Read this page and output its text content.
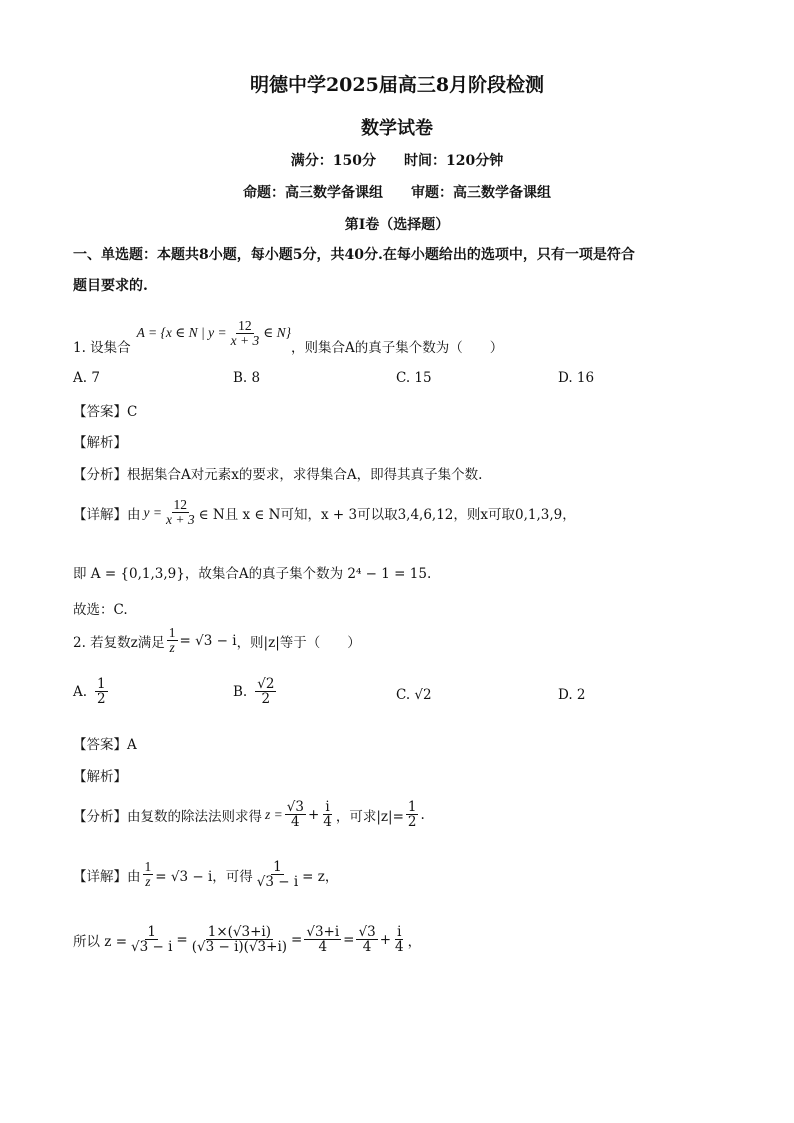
明德中学2025届高三8月阶段检测
数学试卷
满分：150分　　时间：120分钟
命题：高三数学备课组　　审题：高三数学备课组
第Ⅰ卷（选择题）
一、单选题：本题共8小题，每小题5分，共40分.在每小题给出的选项中，只有一项是符合
题目要求的.
1. 设集合
A = {x ∈ N | $y = \frac{12}{x + 3}$ ∈ N}
，则集合A的真子集个数为（　　）
A. 7	B. 8	C. 15	D. 16
【答案】C
【解析】
【分析】根据集合A对元素x的要求，求得集合A，即得其真子集个数.
【详解】由 $y = \frac{12}{x + 3}$ ∈ N且 x ∈ N可知，x + 3可以取3,4,6,12，则x可取0,1,3,9，
即 A = {0,1,3,9}，故集合A的真子集个数为 2⁴ − 1 = 15.
故选：C.
2. 若复数z满足 $\frac{1}{z} = √3 - i$ ，则|z|等于（　　）
A. $\frac{1}{2}$	B. $\frac{√2}{2}$	C. √2	D. 2
【答案】A
【解析】
【分析】由复数的除法法则求得 $z = \frac{√3}{4} + \frac{i}{4}$ ，可求$|z|= \frac{1}{2}$ .
【详解】由 $\frac{1}{z} = √3 - i$，可得 $\frac{1}{√3 - i} = z$，
所以 $z = \frac{1}{√3 - i} = \frac{1\times(√3+i)}{(√3 - i)(√3+i)} = \frac{√3+i}{4} = \frac{√3}{4} + \frac{i}{4}$ ，
